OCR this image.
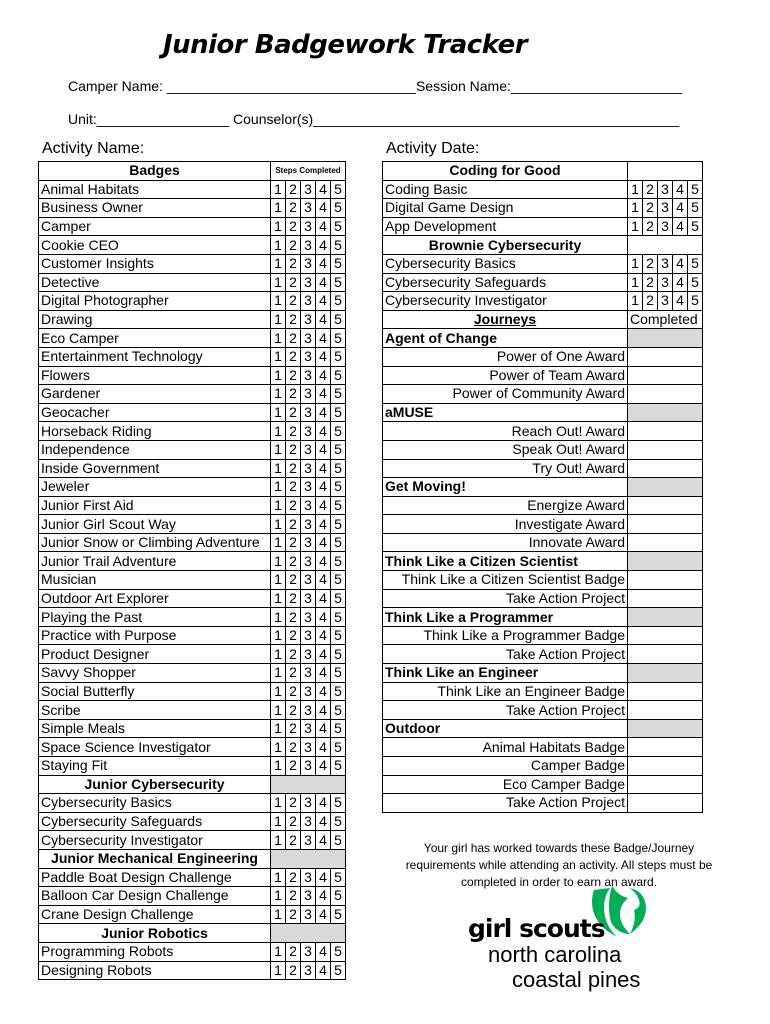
Junior Badgework Tracker
Camper Name: ________________________________Session Name:______________________
Unit:_________________ Counselor(s)_______________________________________________
Activity Name:	Activity Date:
Badges	Steps Completed				
Animal Habitats	1	2	3	4	5
Business Owner	1	2	3	4	5
Camper	1	2	3	4	5
Cookie CEO	1	2	3	4	5
Customer Insights	1	2	3	4	5
Detective	1	2	3	4	5
Digital Photographer	1	2	3	4	5
Drawing	1	2	3	4	5
Eco Camper	1	2	3	4	5
Entertainment Technology	1	2	3	4	5
Flowers	1	2	3	4	5
Gardener	1	2	3	4	5
Geocacher	1	2	3	4	5
Horseback Riding	1	2	3	4	5
Independence	1	2	3	4	5
Inside Government	1	2	3	4	5
Jeweler	1	2	3	4	5
Junior First Aid	1	2	3	4	5
Junior Girl Scout Way	1	2	3	4	5
Junior Snow or Climbing Adventure	1	2	3	4	5
Junior Trail Adventure	1	2	3	4	5
Musician	1	2	3	4	5
Outdoor Art Explorer	1	2	3	4	5
Playing the Past	1	2	3	4	5
Practice with Purpose	1	2	3	4	5
Product Designer	1	2	3	4	5
Savvy Shopper	1	2	3	4	5
Social Butterfly	1	2	3	4	5
Scribe	1	2	3	4	5
Simple Meals	1	2	3	4	5
Space Science Investigator	1	2	3	4	5
Staying Fit	1	2	3	4	5
Junior Cybersecurity					
Cybersecurity Basics	1	2	3	4	5
Cybersecurity Safeguards	1	2	3	4	5
Cybersecurity Investigator	1	2	3	4	5
Junior Mechanical Engineering					
Paddle Boat Design Challenge	1	2	3	4	5
Balloon Car Design Challenge	1	2	3	4	5
Crane Design Challenge	1	2	3	4	5
Junior Robotics					
Programming Robots	1	2	3	4	5
Designing Robots	1	2	3	4	5
Coding for Good					
Coding Basic	1	2	3	4	5
Digital Game Design	1	2	3	4	5
App Development	1	2	3	4	5
Brownie Cybersecurity					
Cybersecurity Basics	1	2	3	4	5
Cybersecurity Safeguards	1	2	3	4	5
Cybersecurity Investigator	1	2	3	4	5
Journeys	Completed				
Agent of Change					
Power of One Award					
Power of Team Award					
Power of Community Award					
aMUSE					
Reach Out! Award					
Speak Out! Award					
Try Out! Award					
Get Moving!					
Energize Award					
Investigate Award					
Innovate Award					
Think Like a Citizen Scientist					
Think Like a Citizen Scientist Badge					
Take Action Project					
Think Like a Programmer					
Think Like a Programmer Badge					
Take Action Project					
Think Like an Engineer					
Think Like an Engineer Badge					
Take Action Project					
Outdoor					
Animal Habitats Badge					
Camper Badge					
Eco Camper Badge					
Take Action Project					
Your girl has worked towards these Badge/Journey requirements while attending an activity. All steps must be completed in order to earn an award.
girl scouts
north carolina
coastal pines
